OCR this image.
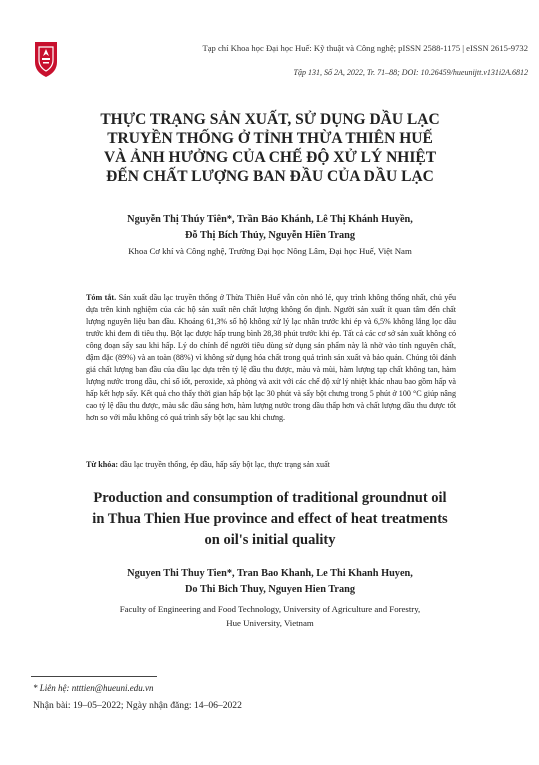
Tạp chí Khoa học Đại học Huế: Kỹ thuật và Công nghệ; pISSN 2588-1175 | eISSN 2615-9732
Tập 131, Số 2A, 2022, Tr. 71–88; DOI: 10.26459/hueunijtt.v131i2A.6812
THỰC TRẠNG SẢN XUẤT, SỬ DỤNG DẦU LẠC
TRUYỀN THỐNG Ở TỈNH THỪA THIÊN HUẾ
VÀ ẢNH HƯỞNG CỦA CHẾ ĐỘ XỬ LÝ NHIỆT
ĐẾN CHẤT LƯỢNG BAN ĐẦU CỦA DẦU LẠC
Nguyễn Thị Thúy Tiên*, Trần Bảo Khánh, Lê Thị Khánh Huyền,
Đỗ Thị Bích Thủy, Nguyễn Hiền Trang
Khoa Cơ khí và Công nghệ, Trường Đại học Nông Lâm, Đại học Huế, Việt Nam
Tóm tắt. Sản xuất dầu lạc truyền thống ở Thừa Thiên Huế vẫn còn nhỏ lẻ, quy trình không thống nhất, chủ yếu dựa trên kinh nghiệm của các hộ sản xuất nên chất lượng không ổn định. Người sản xuất ít quan tâm đến chất lượng nguyên liệu ban đầu. Khoảng 61,3% số hộ không xử lý lạc nhân trước khi ép và 6,5% không lắng lọc dầu trước khi đem đi tiêu thụ. Bột lạc được hấp trung bình 28,38 phút trước khi ép. Tất cả các cơ sở sản xuất không có công đoạn sấy sau khi hấp. Lý do chính để người tiêu dùng sử dụng sản phẩm này là nhờ vào tính nguyên chất, đậm đặc (89%) và an toàn (88%) vì không sử dụng hóa chất trong quá trình sản xuất và bảo quản. Chúng tôi đánh giá chất lượng ban đầu của dầu lạc dựa trên tỷ lệ dầu thu được, màu và mùi, hàm lượng tạp chất không tan, hàm lượng nước trong dầu, chỉ số iốt, peroxide, xà phòng và axit với các chế độ xử lý nhiệt khác nhau bao gồm hấp và hấp kết hợp sấy. Kết quả cho thấy thời gian hấp bột lạc 30 phút và sấy bột chưng trong 5 phút ở 100 °C giúp nâng cao tỷ lệ dầu thu được, màu sắc dầu sáng hơn, hàm lượng nước trong dầu thấp hơn và chất lượng dầu thu được tốt hơn so với mẫu không có quá trình sấy bột lạc sau khi chưng.
Từ khóa: dầu lạc truyền thống, ép dầu, hấp sấy bột lạc, thực trạng sản xuất
Production and consumption of traditional groundnut oil
in Thua Thien Hue province and effect of heat treatments
on oil's initial quality
Nguyen Thi Thuy Tien*, Tran Bao Khanh, Le Thi Khanh Huyen,
Do Thi Bich Thuy, Nguyen Hien Trang
Faculty of Engineering and Food Technology, University of Agriculture and Forestry,
Hue University, Vietnam
* Liên hệ: ntttien@hueuni.edu.vn
Nhận bài: 19–05–2022; Ngày nhận đăng: 14–06–2022
